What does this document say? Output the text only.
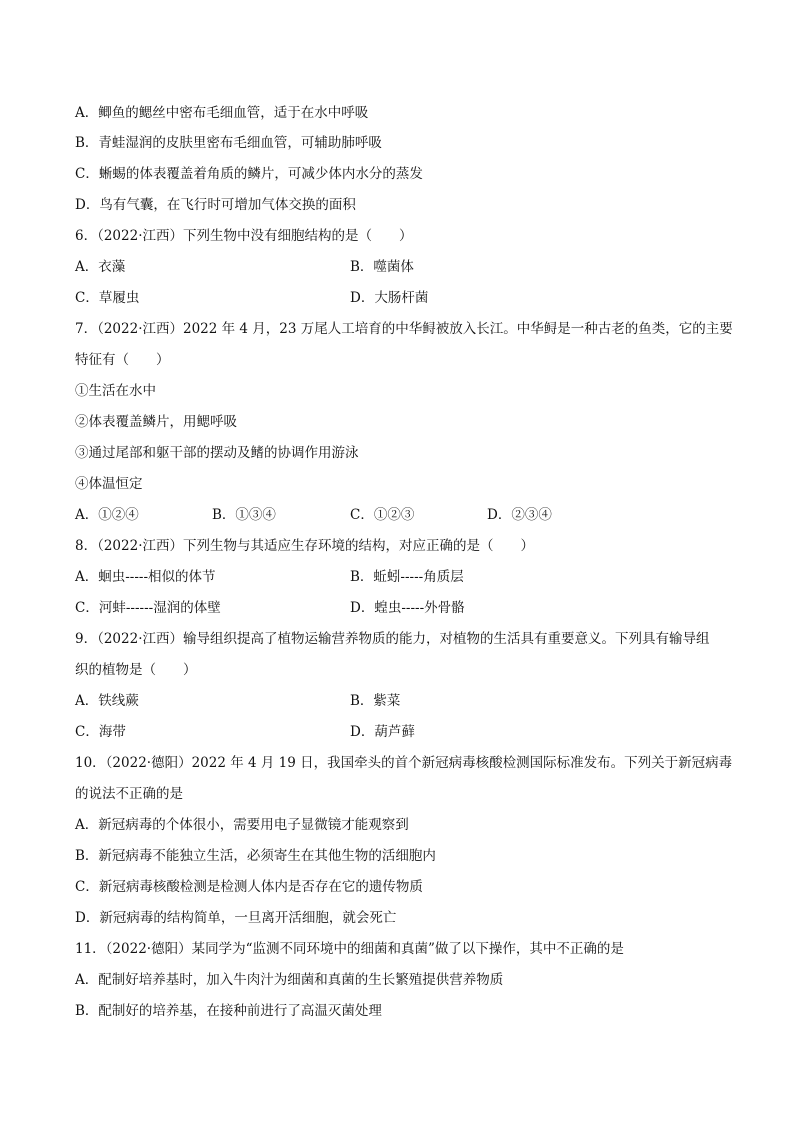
A．鲫鱼的鳃丝中密布毛细血管，适于在水中呼吸
B．青蛙湿润的皮肤里密布毛细血管，可辅助肺呼吸
C．蜥蜴的体表覆盖着角质的鳞片，可减少体内水分的蒸发
D．鸟有气囊，在飞行时可增加气体交换的面积
6．（2022·江西）下列生物中没有细胞结构的是（　　）
A．衣藻	B．噬菌体
C．草履虫	D．大肠杆菌
7．（2022·江西）2022 年 4 月，23 万尾人工培育的中华鲟被放入长江。中华鲟是一种古老的鱼类，它的主要
特征有（　　）
①生活在水中
②体表覆盖鳞片，用鳃呼吸
③通过尾部和躯干部的摆动及鳍的协调作用游泳
④体温恒定
A．①②④	B．①③④	C．①②③	D．②③④
8．（2022·江西）下列生物与其适应生存环境的结构，对应正确的是（　　）
A．蛔虫-----相似的体节	B．蚯蚓-----角质层
C．河蚌------湿润的体壁	D．蝗虫-----外骨骼
9．（2022·江西）输导组织提高了植物运输营养物质的能力，对植物的生活具有重要意义。下列具有输导组
织的植物是（　　）
A．铁线蕨	B．紫菜
C．海带	D．葫芦藓
10．（2022·德阳）2022 年 4 月 19 日，我国牵头的首个新冠病毒核酸检测国际标准发布。下列关于新冠病毒
的说法不正确的是
A．新冠病毒的个体很小，需要用电子显微镜才能观察到
B．新冠病毒不能独立生活，必须寄生在其他生物的活细胞内
C．新冠病毒核酸检测是检测人体内是否存在它的遗传物质
D．新冠病毒的结构简单，一旦离开活细胞，就会死亡
11．（2022·德阳）某同学为“监测不同环境中的细菌和真菌”做了以下操作，其中不正确的是
A．配制好培养基时，加入牛肉汁为细菌和真菌的生长繁殖提供营养物质
B．配制好的培养基，在接种前进行了高温灭菌处理
